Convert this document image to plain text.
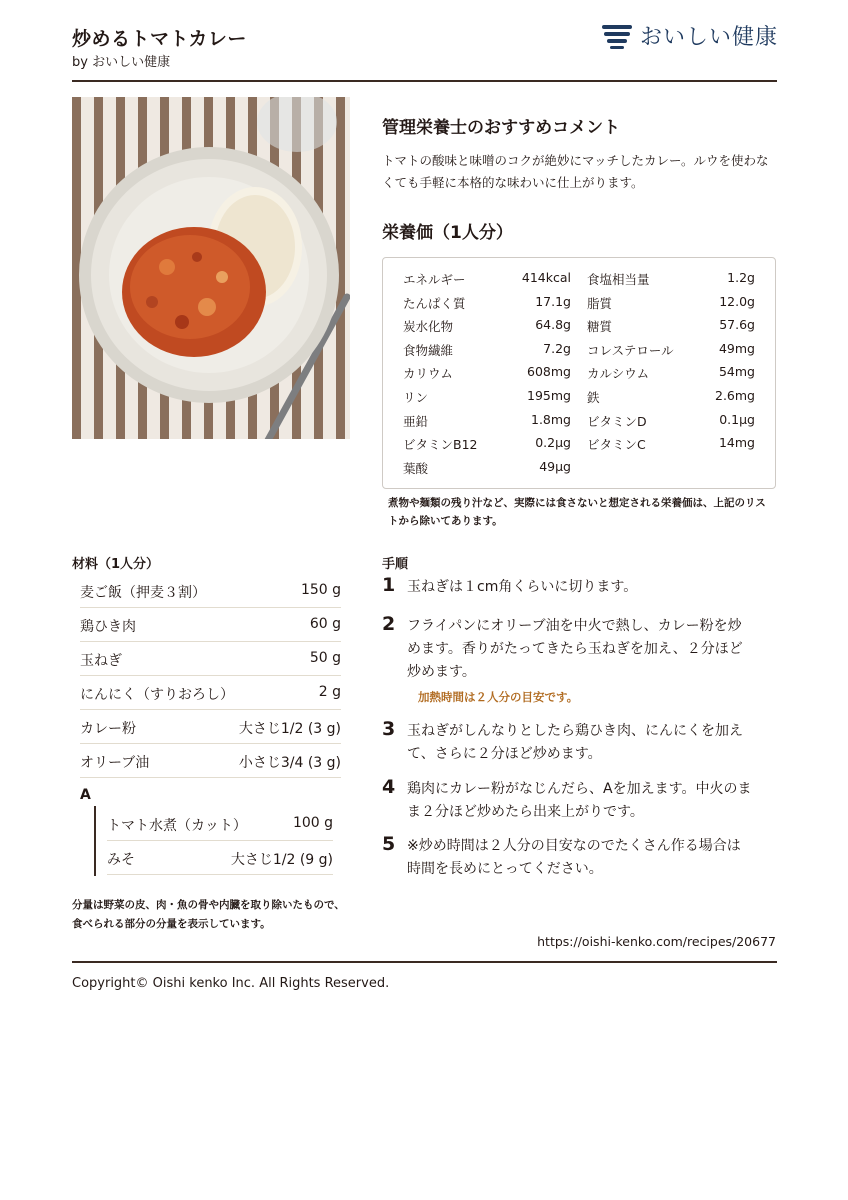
炒めるトマトカレー
by おいしい健康
おいしい健康
管理栄養士のおすすめコメント
トマトの酸味と味噌のコクが絶妙にマッチしたカレー。ルウを使わなくても手軽に本格的な味わいに仕上がります。
栄養価（1人分）
エネルギー	414kcal 食塩相当量	1.2g
たんぱく質	17.1g 脂質	12.0g
炭水化物	64.8g 糖質	57.6g
食物繊維	7.2g コレステロール	49mg
カリウム	608mg カルシウム	54mg
リン	195mg 鉄	2.6mg
亜鉛	1.8mg ビタミンD	0.1μg
ビタミンB12	0.2μg ビタミンC	14mg
葉酸	49μg
煮物や麺類の残り汁など、実際には食さないと想定される栄養価は、上記のリストから除いてあります。
材料（1人分）
麦ご飯（押麦３割）	150 g
鶏ひき肉	60 g
玉ねぎ	50 g
にんにく（すりおろし）	2 g
カレー粉	大さじ1/2 (3 g)
オリーブ油	小さじ3/4 (3 g)
A
トマト水煮（カット）	100 g
みそ	大さじ1/2 (9 g)
分量は野菜の皮、肉・魚の骨や内臓を取り除いたもので、 食べられる部分の分量を表示しています。
手順
1 玉ねぎは１cm角くらいに切ります。
2 フライパンにオリーブ油を中火で熱し、カレー粉を炒めます。香りがたってきたら玉ねぎを加え、２分ほど炒めます。
加熱時間は２人分の目安です。
3 玉ねぎがしんなりとしたら鶏ひき肉、にんにくを加えて、さらに２分ほど炒めます。
4 鶏肉にカレー粉がなじんだら、Aを加えます。中火のまま２分ほど炒めたら出来上がりです。
5 ※炒め時間は２人分の目安なのでたくさん作る場合は時間を長めにとってください。
https://oishi-kenko.com/recipes/20677
Copyright© Oishi kenko Inc. All Rights Reserved.
